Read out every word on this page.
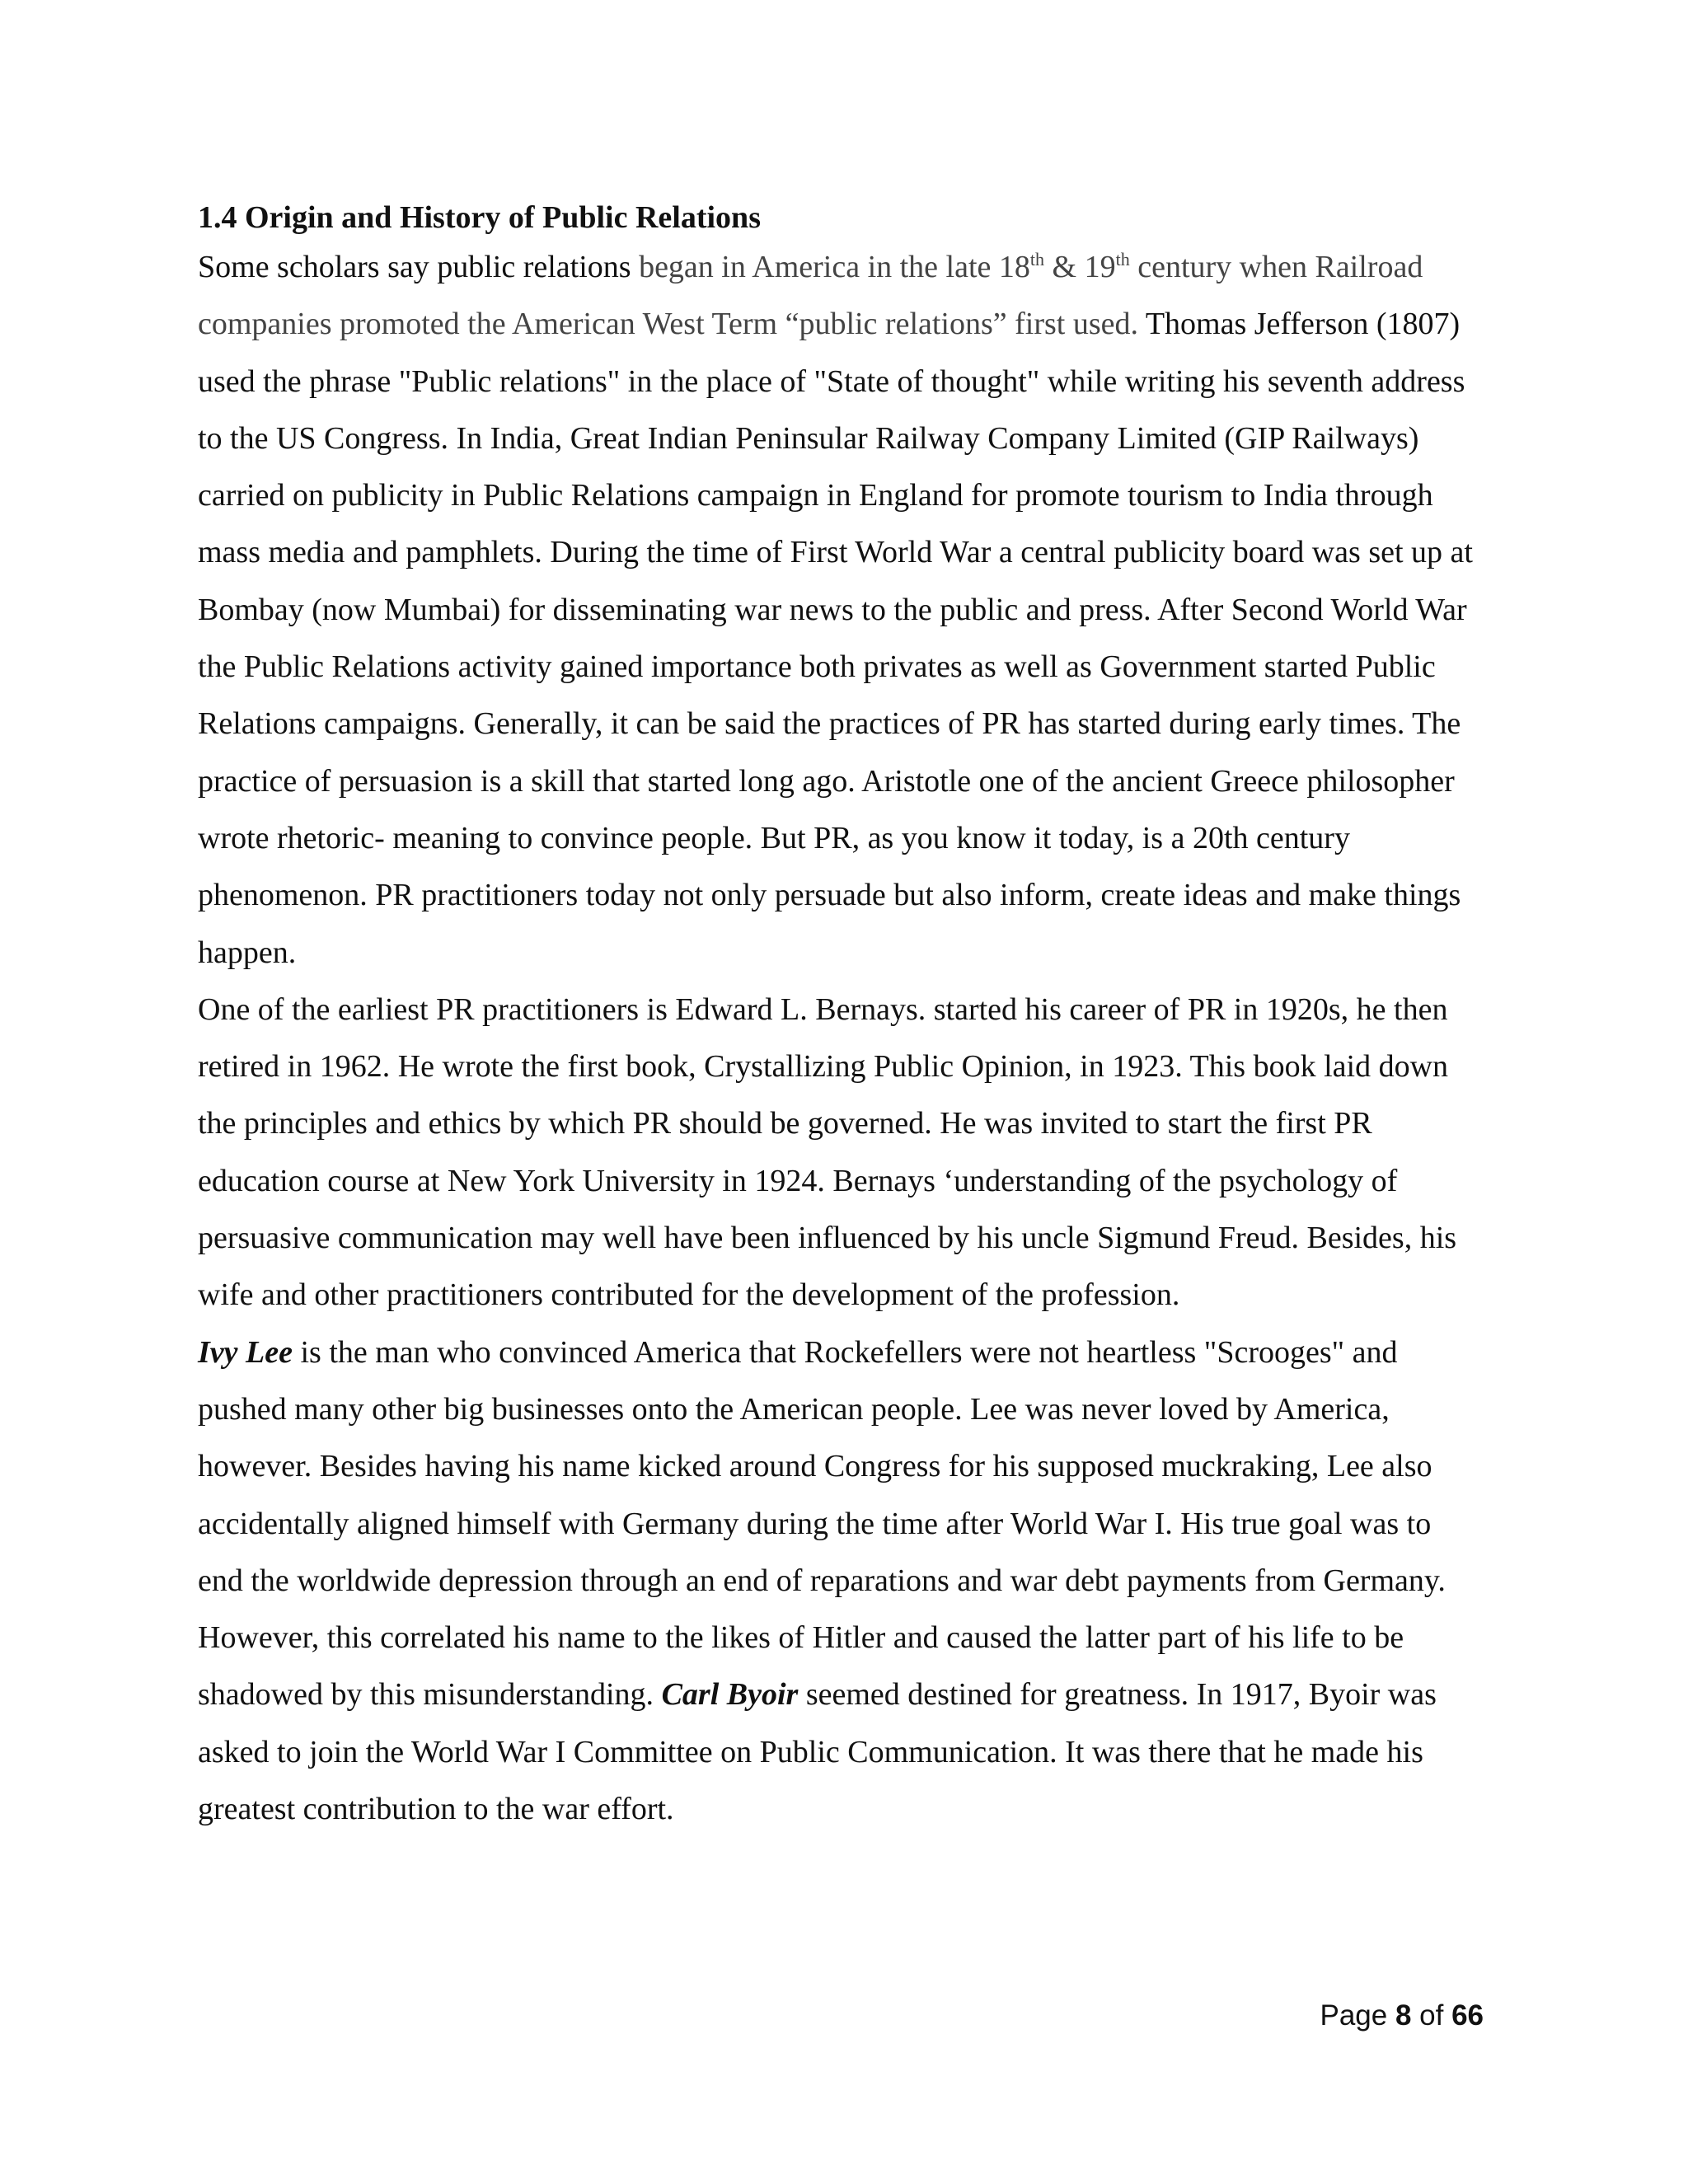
1.4 Origin and History of Public Relations

Some scholars say public relations began in America in the late 18th & 19th century when Railroad companies promoted the American West Term “public relations” first used. Thomas Jefferson (1807) used the phrase "Public relations" in the place of "State of thought" while writing his seventh address to the US Congress. In India, Great Indian Peninsular Railway Company Limited (GIP Railways) carried on publicity in Public Relations campaign in England for promote tourism to India through mass media and pamphlets. During the time of First World War a central publicity board was set up at Bombay (now Mumbai) for disseminating war news to the public and press. After Second World War the Public Relations activity gained importance both privates as well as Government started Public Relations campaigns. Generally, it can be said the practices of PR has started during early times. The practice of persuasion is a skill that started long ago. Aristotle one of the ancient Greece philosopher wrote rhetoric- meaning to convince people. But PR, as you know it today, is a 20th century phenomenon. PR practitioners today not only persuade but also inform, create ideas and make things happen.

One of the earliest PR practitioners is Edward L. Bernays. started his career of PR in 1920s, he then retired in 1962. He wrote the first book, Crystallizing Public Opinion, in 1923. This book laid down the principles and ethics by which PR should be governed. He was invited to start the first PR education course at New York University in 1924. Bernays ‘understanding of the psychology of persuasive communication may well have been influenced by his uncle Sigmund Freud. Besides, his wife and other practitioners contributed for the development of the profession.

Ivy Lee is the man who convinced America that Rockefellers were not heartless "Scrooges" and pushed many other big businesses onto the American people. Lee was never loved by America, however. Besides having his name kicked around Congress for his supposed muckraking, Lee also accidentally aligned himself with Germany during the time after World War I. His true goal was to end the worldwide depression through an end of reparations and war debt payments from Germany. However, this correlated his name to the likes of Hitler and caused the latter part of his life to be shadowed by this misunderstanding. Carl Byoir seemed destined for greatness. In 1917, Byoir was asked to join the World War I Committee on Public Communication. It was there that he made his greatest contribution to the war effort.

Page 8 of 66
